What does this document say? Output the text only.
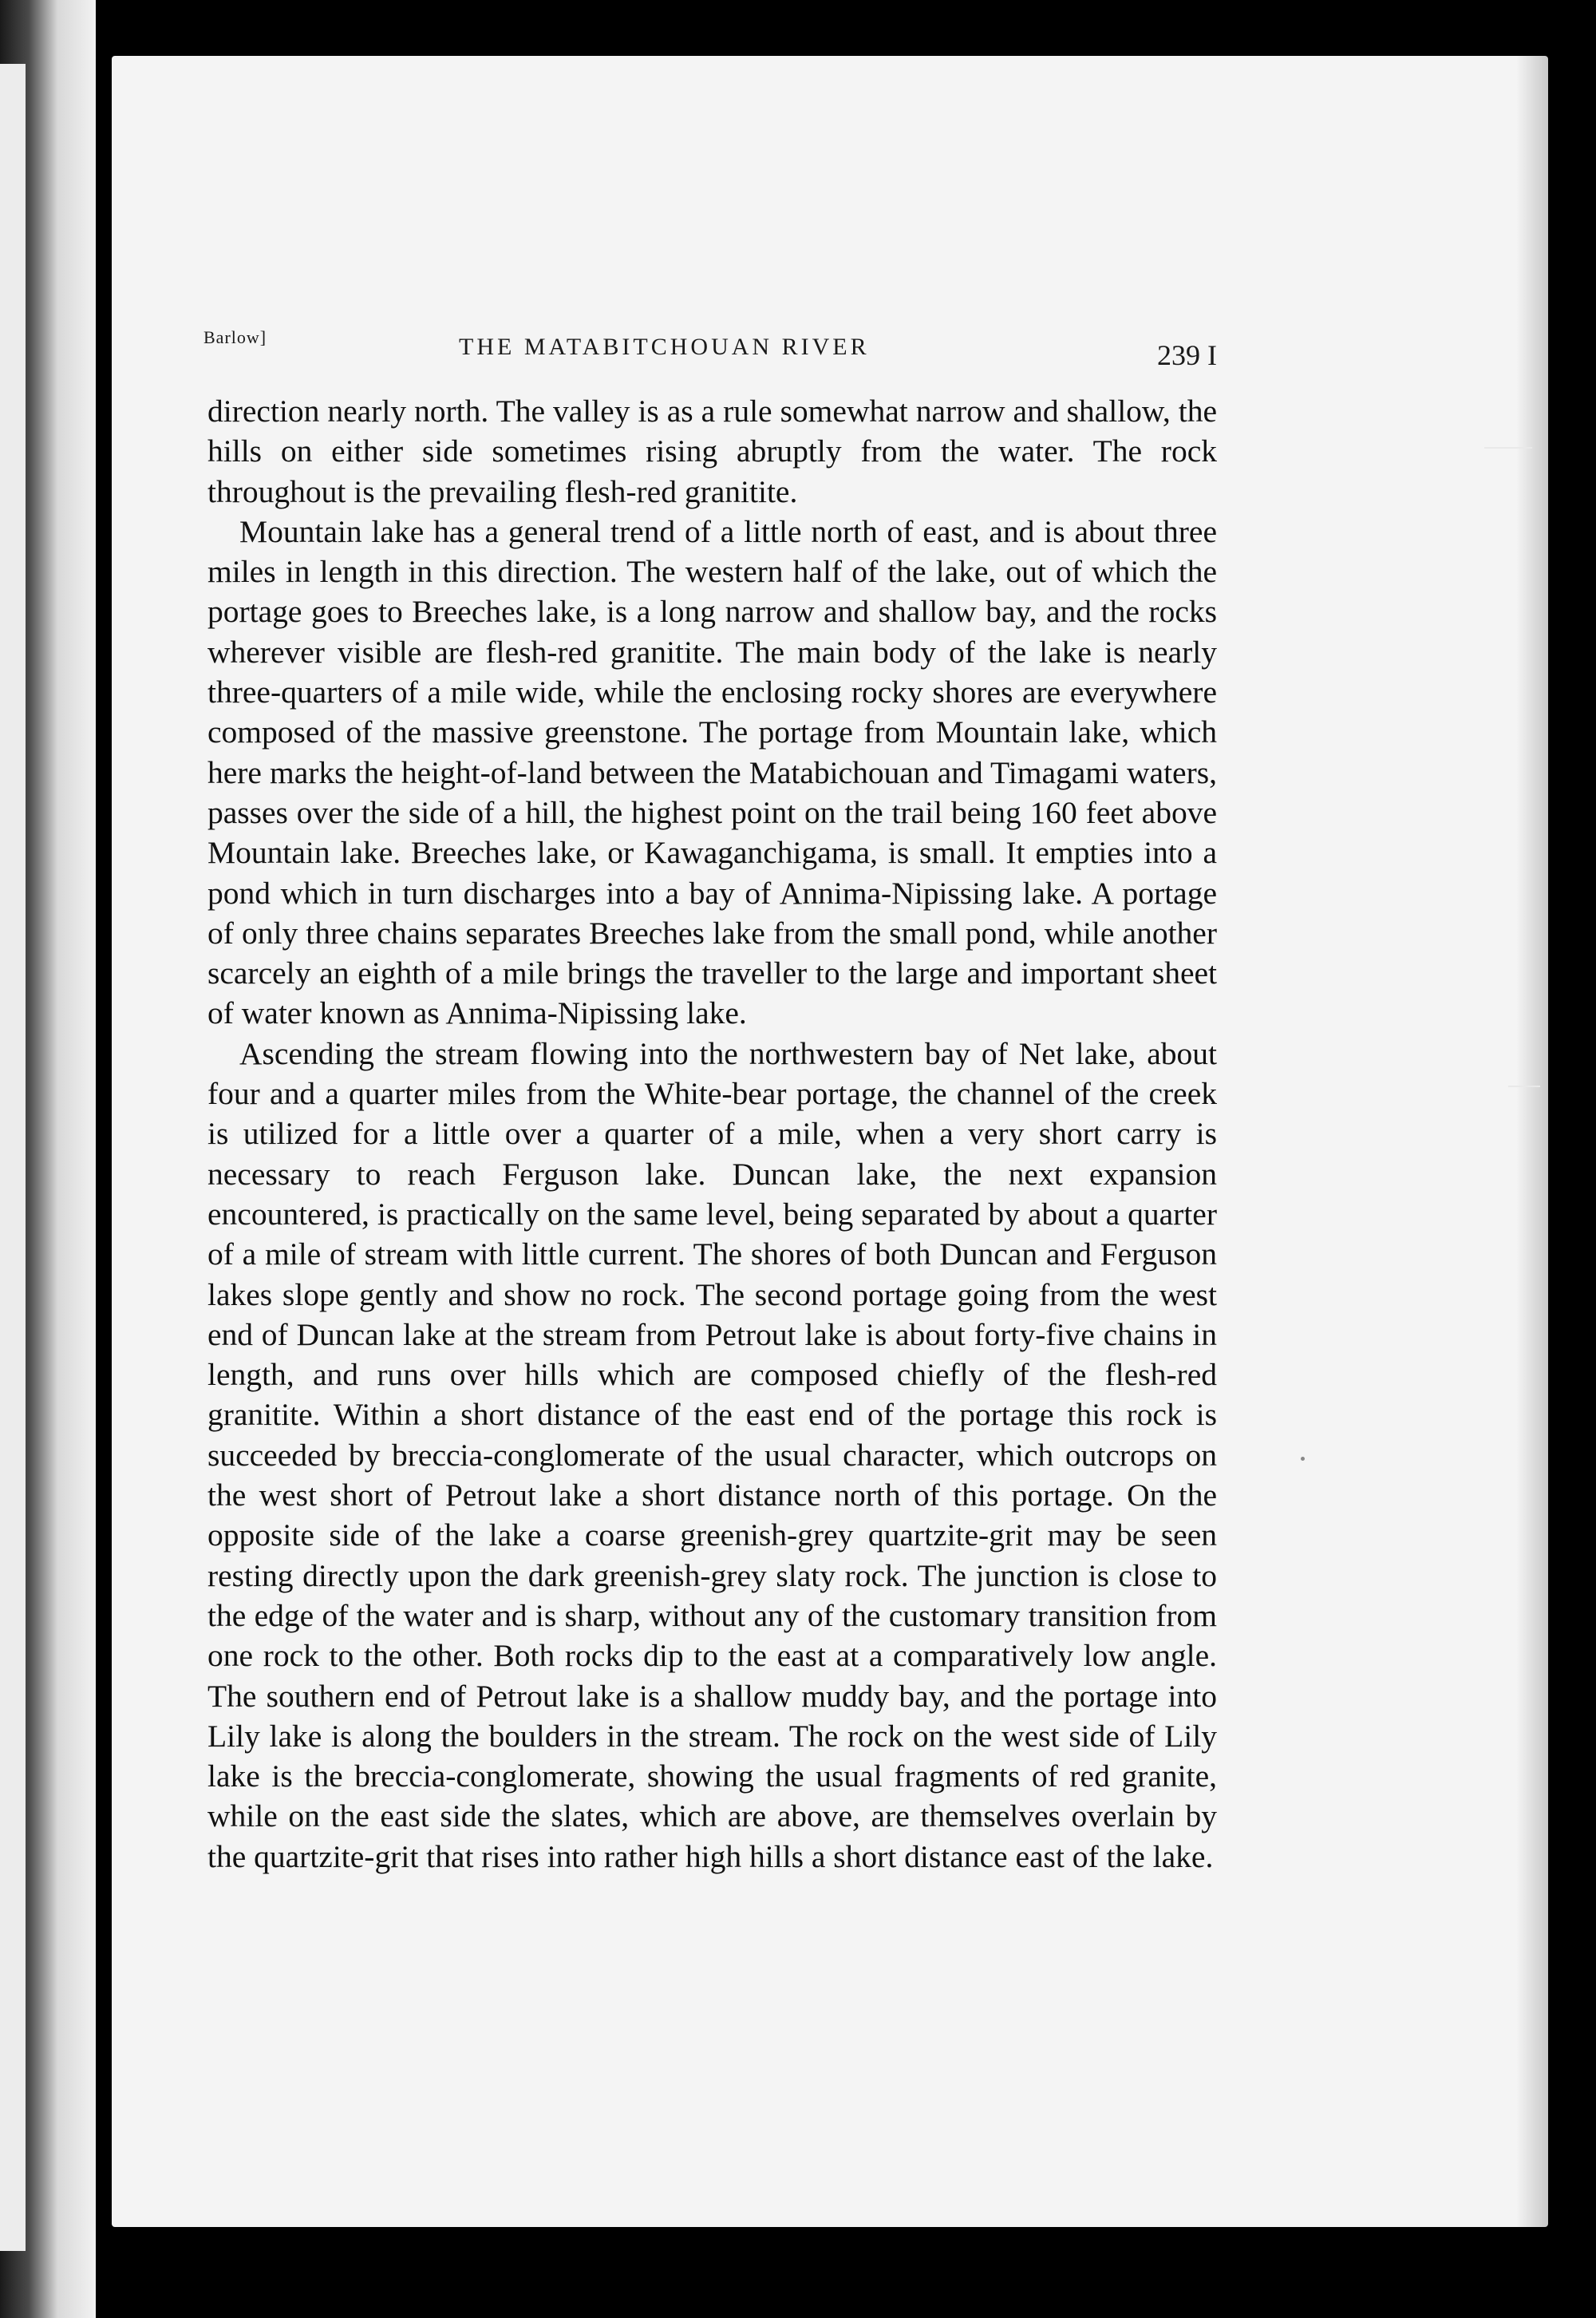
Barlow]	THE MATABITCHOUAN RIVER	239 I

direction nearly north. The valley is as a rule somewhat narrow and shallow, the hills on either side sometimes rising abruptly from the water. The rock throughout is the prevailing flesh-red granitite.

Mountain lake has a general trend of a little north of east, and is about three miles in length in this direction. The western half of the lake, out of which the portage goes to Breeches lake, is a long narrow and shallow bay, and the rocks wherever visible are flesh-red granitite. The main body of the lake is nearly three-quarters of a mile wide, while the enclosing rocky shores are everywhere composed of the massive greenstone. The portage from Mountain lake, which here marks the height-of-land between the Matabichouan and Timagami waters, passes over the side of a hill, the highest point on the trail being 160 feet above Mountain lake. Breeches lake, or Kawaganchigama, is small. It empties into a pond which in turn discharges into a bay of Annima-Nipissing lake. A portage of only three chains separates Breeches lake from the small pond, while another scarcely an eighth of a mile brings the traveller to the large and important sheet of water known as Annima-Nipissing lake.

Ascending the stream flowing into the northwestern bay of Net lake, about four and a quarter miles from the White-bear portage, the channel of the creek is utilized for a little over a quarter of a mile, when a very short carry is necessary to reach Ferguson lake. Duncan lake, the next expansion encountered, is practically on the same level, being separated by about a quarter of a mile of stream with little current. The shores of both Duncan and Ferguson lakes slope gently and show no rock. The second portage going from the west end of Duncan lake at the stream from Petrout lake is about forty-five chains in length, and runs over hills which are composed chiefly of the flesh-red granitite. Within a short distance of the east end of the portage this rock is succeeded by breccia-conglomerate of the usual character, which outcrops on the west short of Petrout lake a short distance north of this portage. On the opposite side of the lake a coarse greenish-grey quartzite-grit may be seen resting directly upon the dark greenish-grey slaty rock. The junction is close to the edge of the water and is sharp, without any of the customary transition from one rock to the other. Both rocks dip to the east at a comparatively low angle. The southern end of Petrout lake is a shallow muddy bay, and the portage into Lily lake is along the boulders in the stream. The rock on the west side of Lily lake is the breccia-conglomerate, showing the usual fragments of red granite, while on the east side the slates, which are above, are themselves overlain by the quartzite-grit that rises into rather high hills a short distance east of the lake.
